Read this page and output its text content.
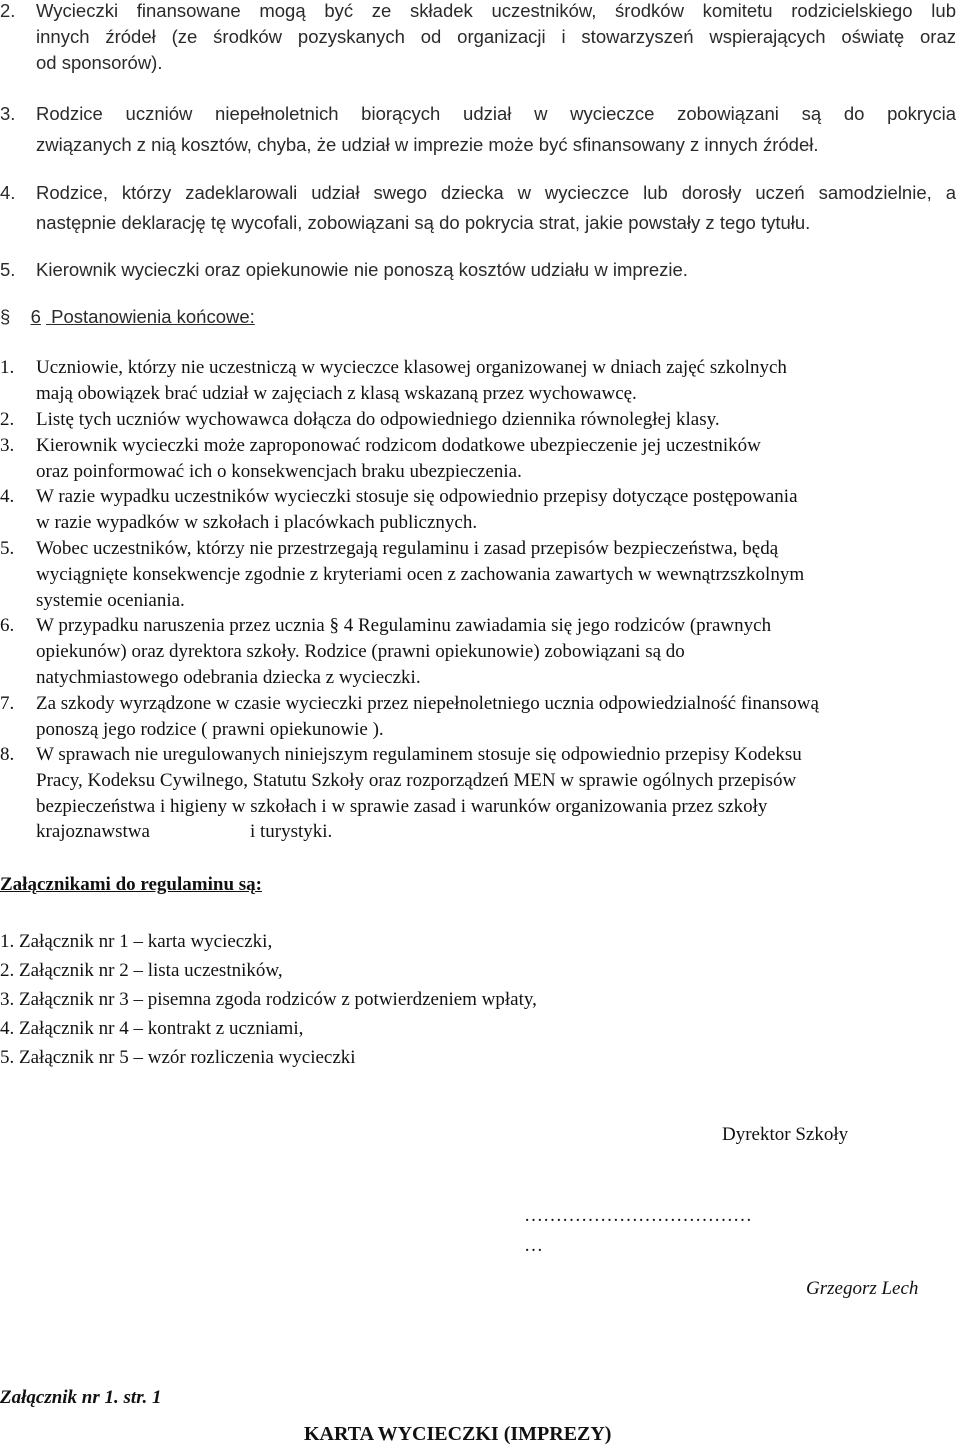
2. Wycieczki finansowane mogą być ze składek uczestników, środków komitetu rodzicielskiego lub
innych źródeł (ze środków pozyskanych od organizacji i stowarzyszeń wspierających oświatę oraz
od sponsorów).
3. Rodzice uczniów niepełnoletnich biorących udział w wycieczce zobowiązani są do pokrycia
związanych z nią kosztów, chyba, że udział w imprezie może być sfinansowany z innych źródeł.
4. Rodzice, którzy zadeklarowali udział swego dziecka w wycieczce lub dorosły uczeń samodzielnie, a
następnie deklarację tę wycofali, zobowiązani są do pokrycia strat, jakie powstały z tego tytułu.
5. Kierownik wycieczki oraz opiekunowie nie ponoszą kosztów udziału w imprezie.
§ 6 Postanowienia końcowe:
1. Uczniowie, którzy nie uczestniczą w wycieczce klasowej organizowanej w dniach zajęć szkolnych
mają obowiązek brać udział w zajęciach z klasą wskazaną przez wychowawcę.
2. Listę tych uczniów wychowawca dołącza do odpowiedniego dziennika równoległej klasy.
3. Kierownik wycieczki może zaproponować rodzicom dodatkowe ubezpieczenie jej uczestników
oraz poinformować ich o konsekwencjach braku ubezpieczenia.
4. W razie wypadku uczestników wycieczki stosuje się odpowiednio przepisy dotyczące postępowania
w razie wypadków w szkołach i placówkach publicznych.
5. Wobec uczestników, którzy nie przestrzegają regulaminu i zasad przepisów bezpieczeństwa, będą
wyciągnięte konsekwencje zgodnie z kryteriami ocen z zachowania zawartych w wewnątrzszkolnym
systemie oceniania.
6. W przypadku naruszenia przez ucznia § 4 Regulaminu zawiadamia się jego rodziców (prawnych
opiekunów) oraz dyrektora szkoły. Rodzice (prawni opiekunowie) zobowiązani są do
natychmiastowego odebrania dziecka z wycieczki.
7. Za szkody wyrządzone w czasie wycieczki przez niepełnoletniego ucznia odpowiedzialność finansową
ponoszą jego rodzice ( prawni opiekunowie ).
8. W sprawach nie uregulowanych niniejszym regulaminem stosuje się odpowiednio przepisy Kodeksu
Pracy, Kodeksu Cywilnego, Statutu Szkoły oraz rozporządzeń MEN w sprawie ogólnych przepisów
bezpieczeństwa i higieny w szkołach i w sprawie zasad i warunków organizowania przez szkoły
krajoznawstwa	i turystyki.
Załącznikami do regulaminu są:
1. Załącznik nr 1 – karta wycieczki,
2. Załącznik nr 2 – lista uczestników,
3. Załącznik nr 3 – pisemna zgoda rodziców z potwierdzeniem wpłaty,
4. Załącznik nr 4 – kontrakt z uczniami,
5. Załącznik nr 5 – wzór rozliczenia wycieczki
Dyrektor Szkoły
………………………………
…
Grzegorz Lech
Załącznik nr 1. str. 1
KARTA WYCIECZKI (IMPREZY)
